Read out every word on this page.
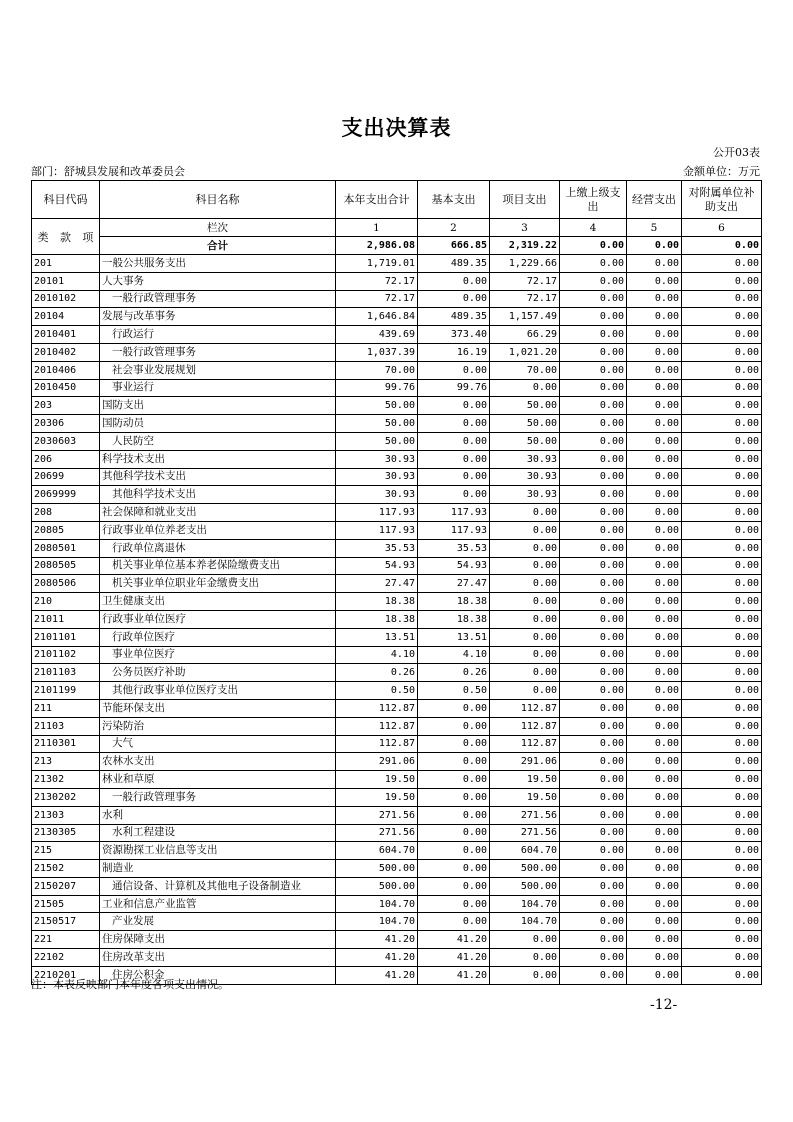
支出决算表
公开03表
部门：舒城县发展和改革委员会	金额单位：万元
科目代码	科目名称	本年支出合计	基本支出	项目支出	上缴上级支出	经营支出	对附属单位补助支出

类 款 项	栏次	1	2	3	4	5	6
	合计	2,986.08	666.85	2,319.22	0.00	0.00	0.00
201	一般公共服务支出	1,719.01	489.35	1,229.66	0.00	0.00	0.00
20101	人大事务	72.17	0.00	72.17	0.00	0.00	0.00
2010102	一般行政管理事务	72.17	0.00	72.17	0.00	0.00	0.00
20104	发展与改革事务	1,646.84	489.35	1,157.49	0.00	0.00	0.00
2010401	行政运行	439.69	373.40	66.29	0.00	0.00	0.00
2010402	一般行政管理事务	1,037.39	16.19	1,021.20	0.00	0.00	0.00
2010406	社会事业发展规划	70.00	0.00	70.00	0.00	0.00	0.00
2010450	事业运行	99.76	99.76	0.00	0.00	0.00	0.00
203	国防支出	50.00	0.00	50.00	0.00	0.00	0.00
20306	国防动员	50.00	0.00	50.00	0.00	0.00	0.00
2030603	人民防空	50.00	0.00	50.00	0.00	0.00	0.00
206	科学技术支出	30.93	0.00	30.93	0.00	0.00	0.00
20699	其他科学技术支出	30.93	0.00	30.93	0.00	0.00	0.00
2069999	其他科学技术支出	30.93	0.00	30.93	0.00	0.00	0.00
208	社会保障和就业支出	117.93	117.93	0.00	0.00	0.00	0.00
20805	行政事业单位养老支出	117.93	117.93	0.00	0.00	0.00	0.00
2080501	行政单位离退休	35.53	35.53	0.00	0.00	0.00	0.00
2080505	机关事业单位基本养老保险缴费支出	54.93	54.93	0.00	0.00	0.00	0.00
2080506	机关事业单位职业年金缴费支出	27.47	27.47	0.00	0.00	0.00	0.00
210	卫生健康支出	18.38	18.38	0.00	0.00	0.00	0.00
21011	行政事业单位医疗	18.38	18.38	0.00	0.00	0.00	0.00
2101101	行政单位医疗	13.51	13.51	0.00	0.00	0.00	0.00
2101102	事业单位医疗	4.10	4.10	0.00	0.00	0.00	0.00
2101103	公务员医疗补助	0.26	0.26	0.00	0.00	0.00	0.00
2101199	其他行政事业单位医疗支出	0.50	0.50	0.00	0.00	0.00	0.00
211	节能环保支出	112.87	0.00	112.87	0.00	0.00	0.00
21103	污染防治	112.87	0.00	112.87	0.00	0.00	0.00
2110301	大气	112.87	0.00	112.87	0.00	0.00	0.00
213	农林水支出	291.06	0.00	291.06	0.00	0.00	0.00
21302	林业和草原	19.50	0.00	19.50	0.00	0.00	0.00
2130202	一般行政管理事务	19.50	0.00	19.50	0.00	0.00	0.00
21303	水利	271.56	0.00	271.56	0.00	0.00	0.00
2130305	水利工程建设	271.56	0.00	271.56	0.00	0.00	0.00
215	资源勘探工业信息等支出	604.70	0.00	604.70	0.00	0.00	0.00
21502	制造业	500.00	0.00	500.00	0.00	0.00	0.00
2150207	通信设备、计算机及其他电子设备制造业	500.00	0.00	500.00	0.00	0.00	0.00
21505	工业和信息产业监管	104.70	0.00	104.70	0.00	0.00	0.00
2150517	产业发展	104.70	0.00	104.70	0.00	0.00	0.00
221	住房保障支出	41.20	41.20	0.00	0.00	0.00	0.00
22102	住房改革支出	41.20	41.20	0.00	0.00	0.00	0.00
2210201	住房公积金	41.20	41.20	0.00	0.00	0.00	0.00
注：本表反映部门本年度各项支出情况。
-12-
